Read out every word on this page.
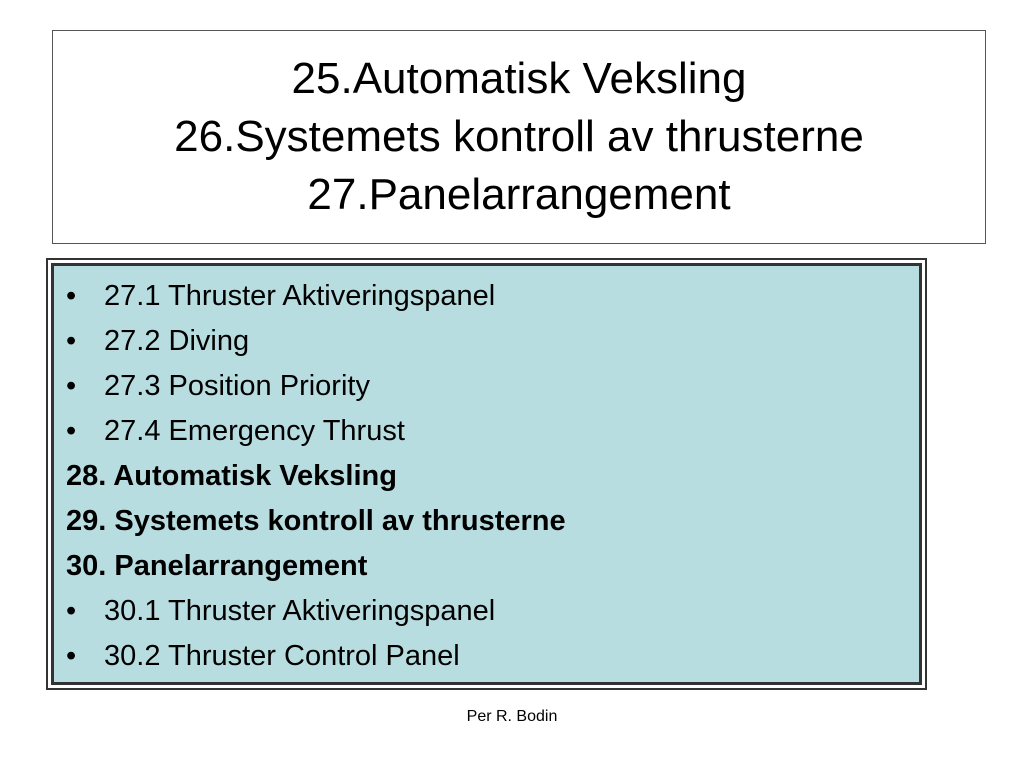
25.Automatisk Veksling
26.Systemets kontroll av thrusterne
27.Panelarrangement
• 27.1 Thruster Aktiveringspanel
• 27.2 Diving
• 27.3 Position Priority
• 27.4 Emergency Thrust
28. Automatisk Veksling
29. Systemets kontroll av thrusterne
30. Panelarrangement
• 30.1 Thruster Aktiveringspanel
• 30.2 Thruster Control Panel
Per R. Bodin
